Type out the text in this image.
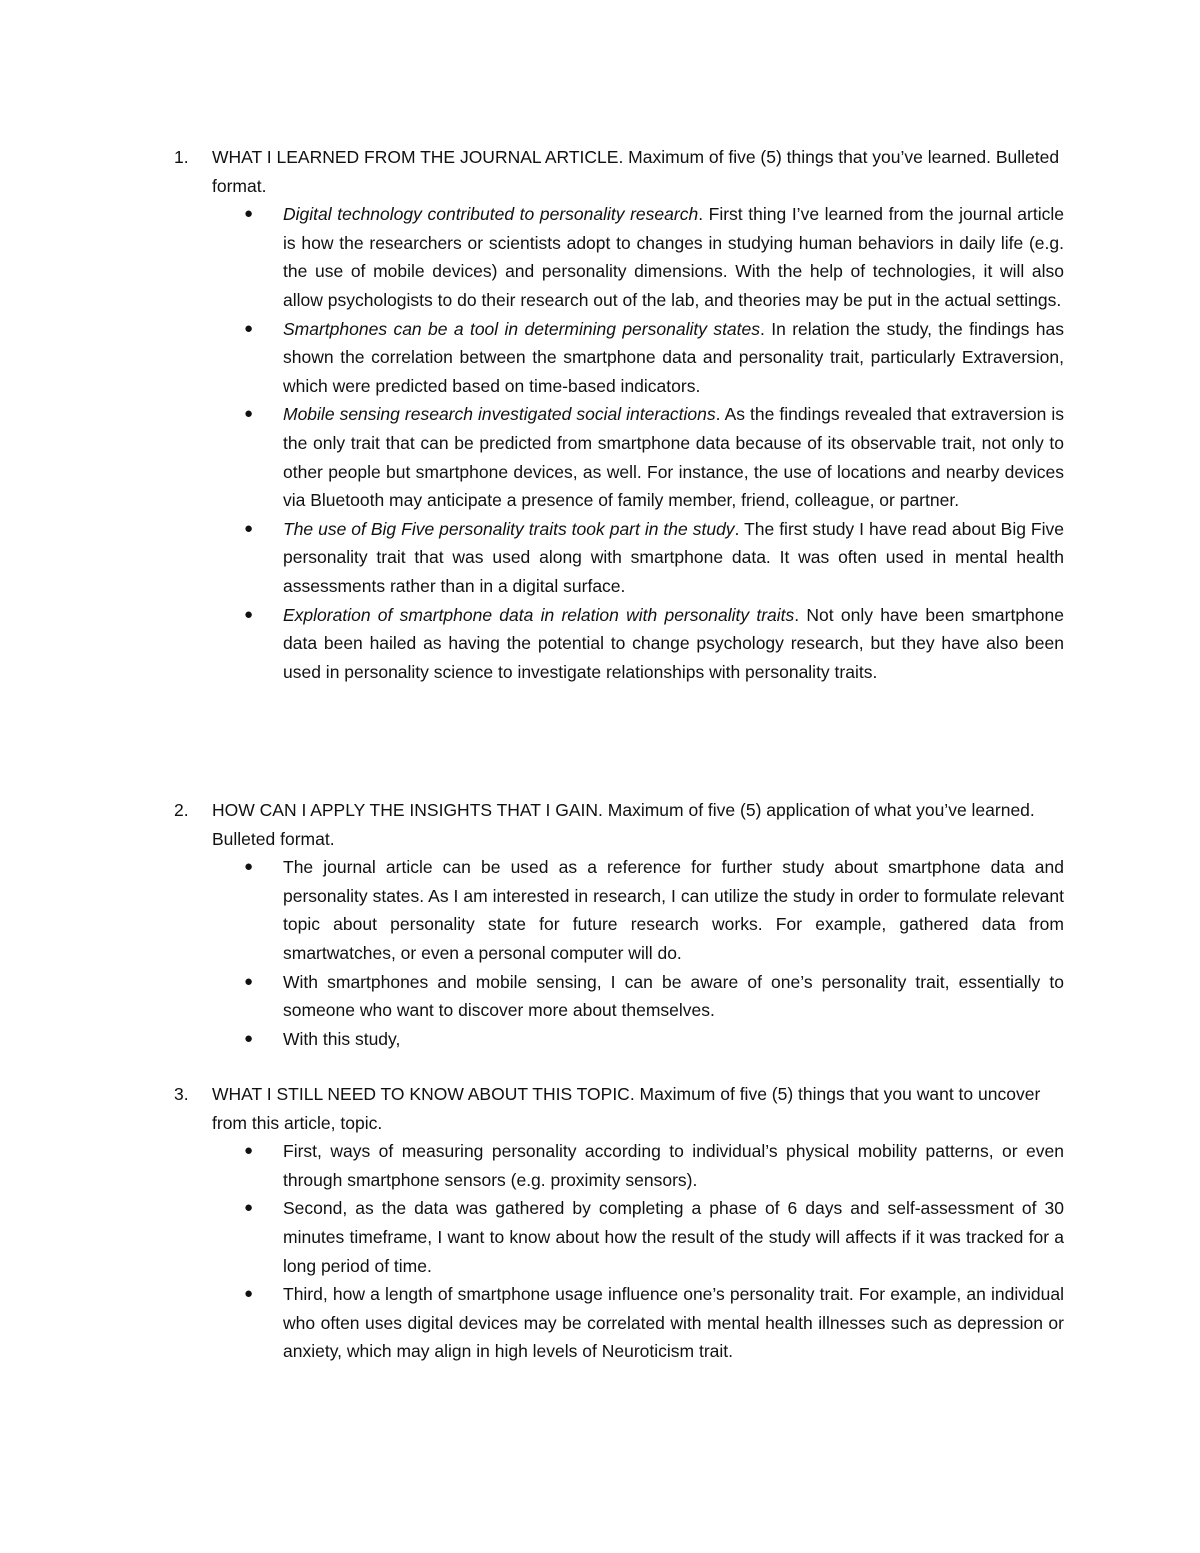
1. WHAT I LEARNED FROM THE JOURNAL ARTICLE. Maximum of five (5) things that you’ve learned. Bulleted format.
● Digital technology contributed to personality research. First thing I’ve learned from the journal article is how the researchers or scientists adopt to changes in studying human behaviors in daily life (e.g. the use of mobile devices) and personality dimensions. With the help of technologies, it will also allow psychologists to do their research out of the lab, and theories may be put in the actual settings.
● Smartphones can be a tool in determining personality states. In relation the study, the findings has shown the correlation between the smartphone data and personality trait, particularly Extraversion, which were predicted based on time-based indicators.
● Mobile sensing research investigated social interactions. As the findings revealed that extraversion is the only trait that can be predicted from smartphone data because of its observable trait, not only to other people but smartphone devices, as well. For instance, the use of locations and nearby devices via Bluetooth may anticipate a presence of family member, friend, colleague, or partner.
● The use of Big Five personality traits took part in the study. The first study I have read about Big Five personality trait that was used along with smartphone data. It was often used in mental health assessments rather than in a digital surface.
● Exploration of smartphone data in relation with personality traits. Not only have been smartphone data been hailed as having the potential to change psychology research, but they have also been used in personality science to investigate relationships with personality traits.
2. HOW CAN I APPLY THE INSIGHTS THAT I GAIN. Maximum of five (5) application of what you’ve learned. Bulleted format.
● The journal article can be used as a reference for further study about smartphone data and personality states. As I am interested in research, I can utilize the study in order to formulate relevant topic about personality state for future research works. For example, gathered data from smartwatches, or even a personal computer will do.
● With smartphones and mobile sensing, I can be aware of one’s personality trait, essentially to someone who want to discover more about themselves.
● With this study,
3. WHAT I STILL NEED TO KNOW ABOUT THIS TOPIC. Maximum of five (5) things that you want to uncover from this article, topic.
● First, ways of measuring personality according to individual’s physical mobility patterns, or even through smartphone sensors (e.g. proximity sensors).
● Second, as the data was gathered by completing a phase of 6 days and self-assessment of 30 minutes timeframe, I want to know about how the result of the study will affects if it was tracked for a long period of time.
● Third, how a length of smartphone usage influence one’s personality trait. For example, an individual who often uses digital devices may be correlated with mental health illnesses such as depression or anxiety, which may align in high levels of Neuroticism trait.
